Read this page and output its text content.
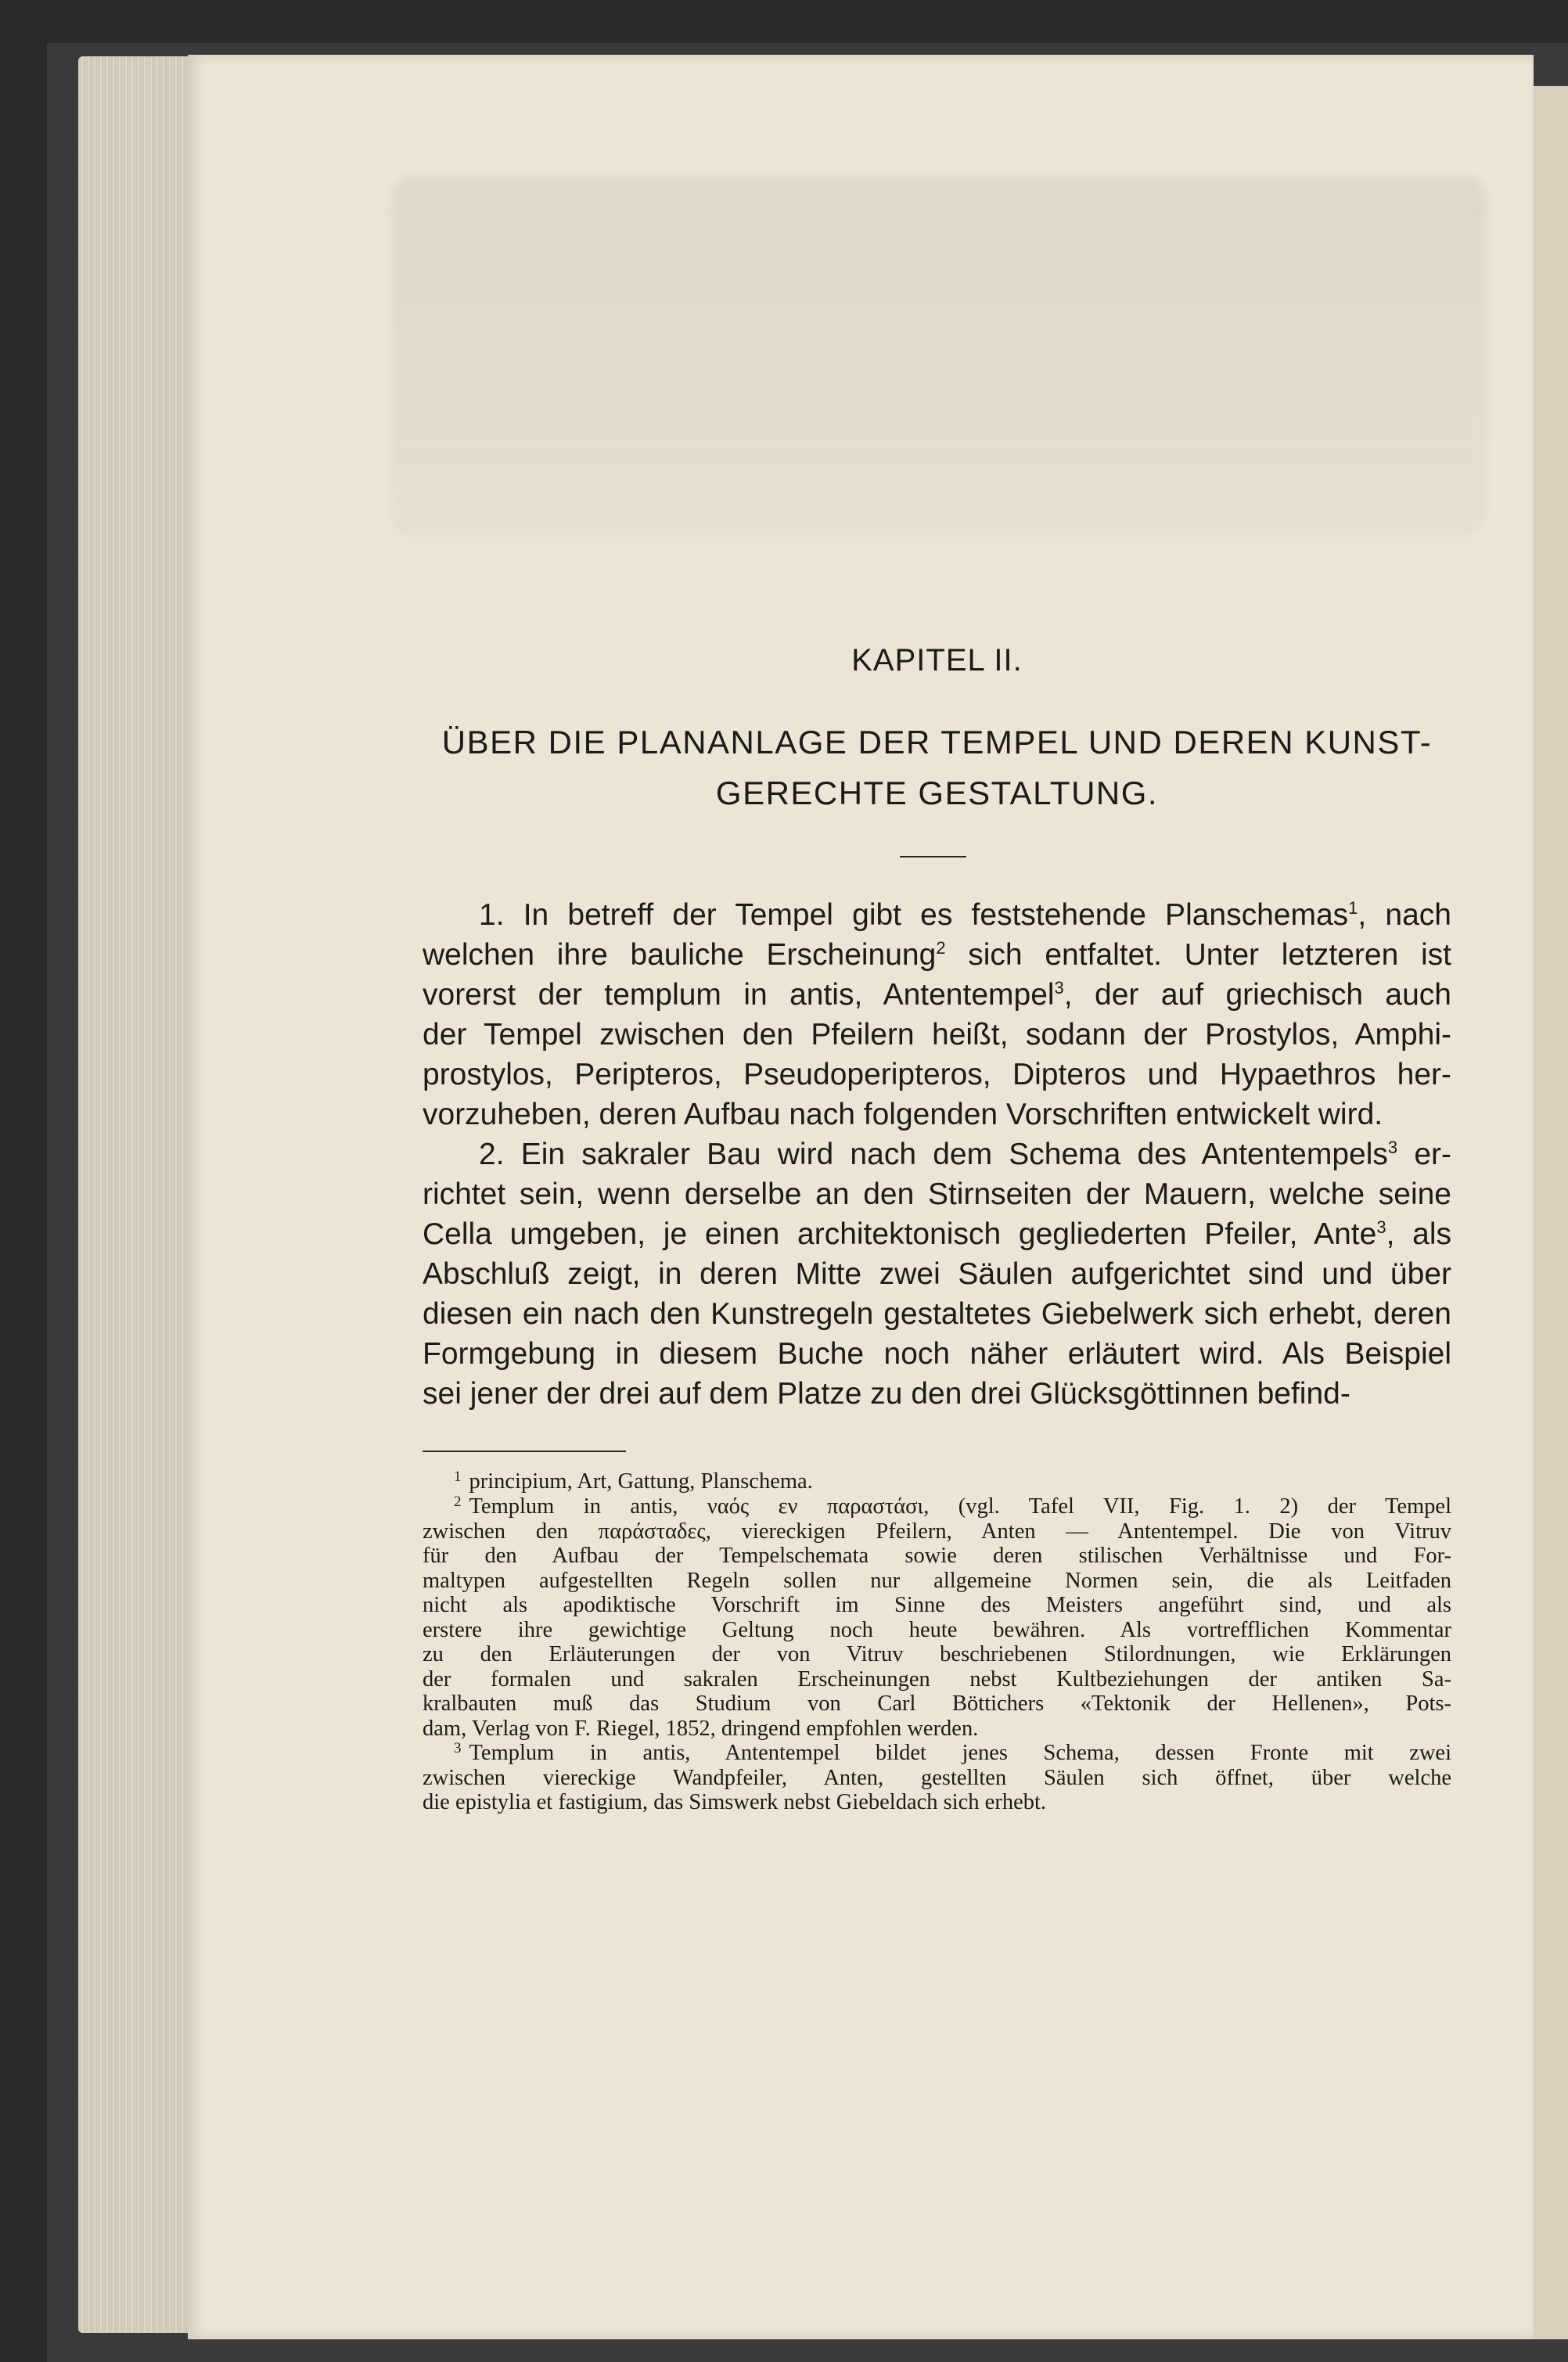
KAPITEL II.
ÜBER DIE PLANANLAGE DER TEMPEL UND DEREN KUNST-
GERECHTE GESTALTUNG.
1. In betreff der Tempel gibt es feststehende Planschemas$^1$, nach
welchen ihre bauliche Erscheinung$^2$ sich entfaltet. Unter letzteren ist
vorerst der templum in antis, Antentempel$^3$, der auf griechisch auch
der Tempel zwischen den Pfeilern heißt, sodann der Prostylos, Amphi-
prostylos, Peripteros, Pseudoperipteros, Dipteros und Hypaethros her-
vorzuheben, deren Aufbau nach folgenden Vorschriften entwickelt wird.
2. Ein sakraler Bau wird nach dem Schema des Antentempels$^3$ er-
richtet sein, wenn derselbe an den Stirnseiten der Mauern, welche seine
Cella umgeben, je einen architektonisch gegliederten Pfeiler, Ante$^3$, als
Abschluß zeigt, in deren Mitte zwei Säulen aufgerichtet sind und über
diesen ein nach den Kunstregeln gestaltetes Giebelwerk sich erhebt, deren
Formgebung in diesem Buche noch näher erläutert wird. Als Beispiel
sei jener der drei auf dem Platze zu den drei Glücksgöttinnen befind-
$^1$ principium, Art, Gattung, Planschema.
$^2$ Templum in antis, ναός εν παραστάσι, (vgl. Tafel VII, Fig. 1. 2) der Tempel
zwischen den παράσταδες, viereckigen Pfeilern, Anten — Antentempel. Die von Vitruv
für den Aufbau der Tempelschemata sowie deren stilischen Verhältnisse und For-
maltypen aufgestellten Regeln sollen nur allgemeine Normen sein, die als Leitfaden
nicht als apodiktische Vorschrift im Sinne des Meisters angeführt sind, und als
erstere ihre gewichtige Geltung noch heute bewähren. Als vortrefflichen Kommentar
zu den Erläuterungen der von Vitruv beschriebenen Stilordnungen, wie Erklärungen
der formalen und sakralen Erscheinungen nebst Kultbeziehungen der antiken Sa-
kralbauten muß das Studium von Carl Böttichers «Tektonik der Hellenen», Pots-
dam, Verlag von F. Riegel, 1852, dringend empfohlen werden.
$^3$ Templum in antis, Antentempel bildet jenes Schema, dessen Fronte mit zwei
zwischen viereckige Wandpfeiler, Anten, gestellten Säulen sich öffnet, über welche
die epistylia et fastigium, das Simswerk nebst Giebeldach sich erhebt.
